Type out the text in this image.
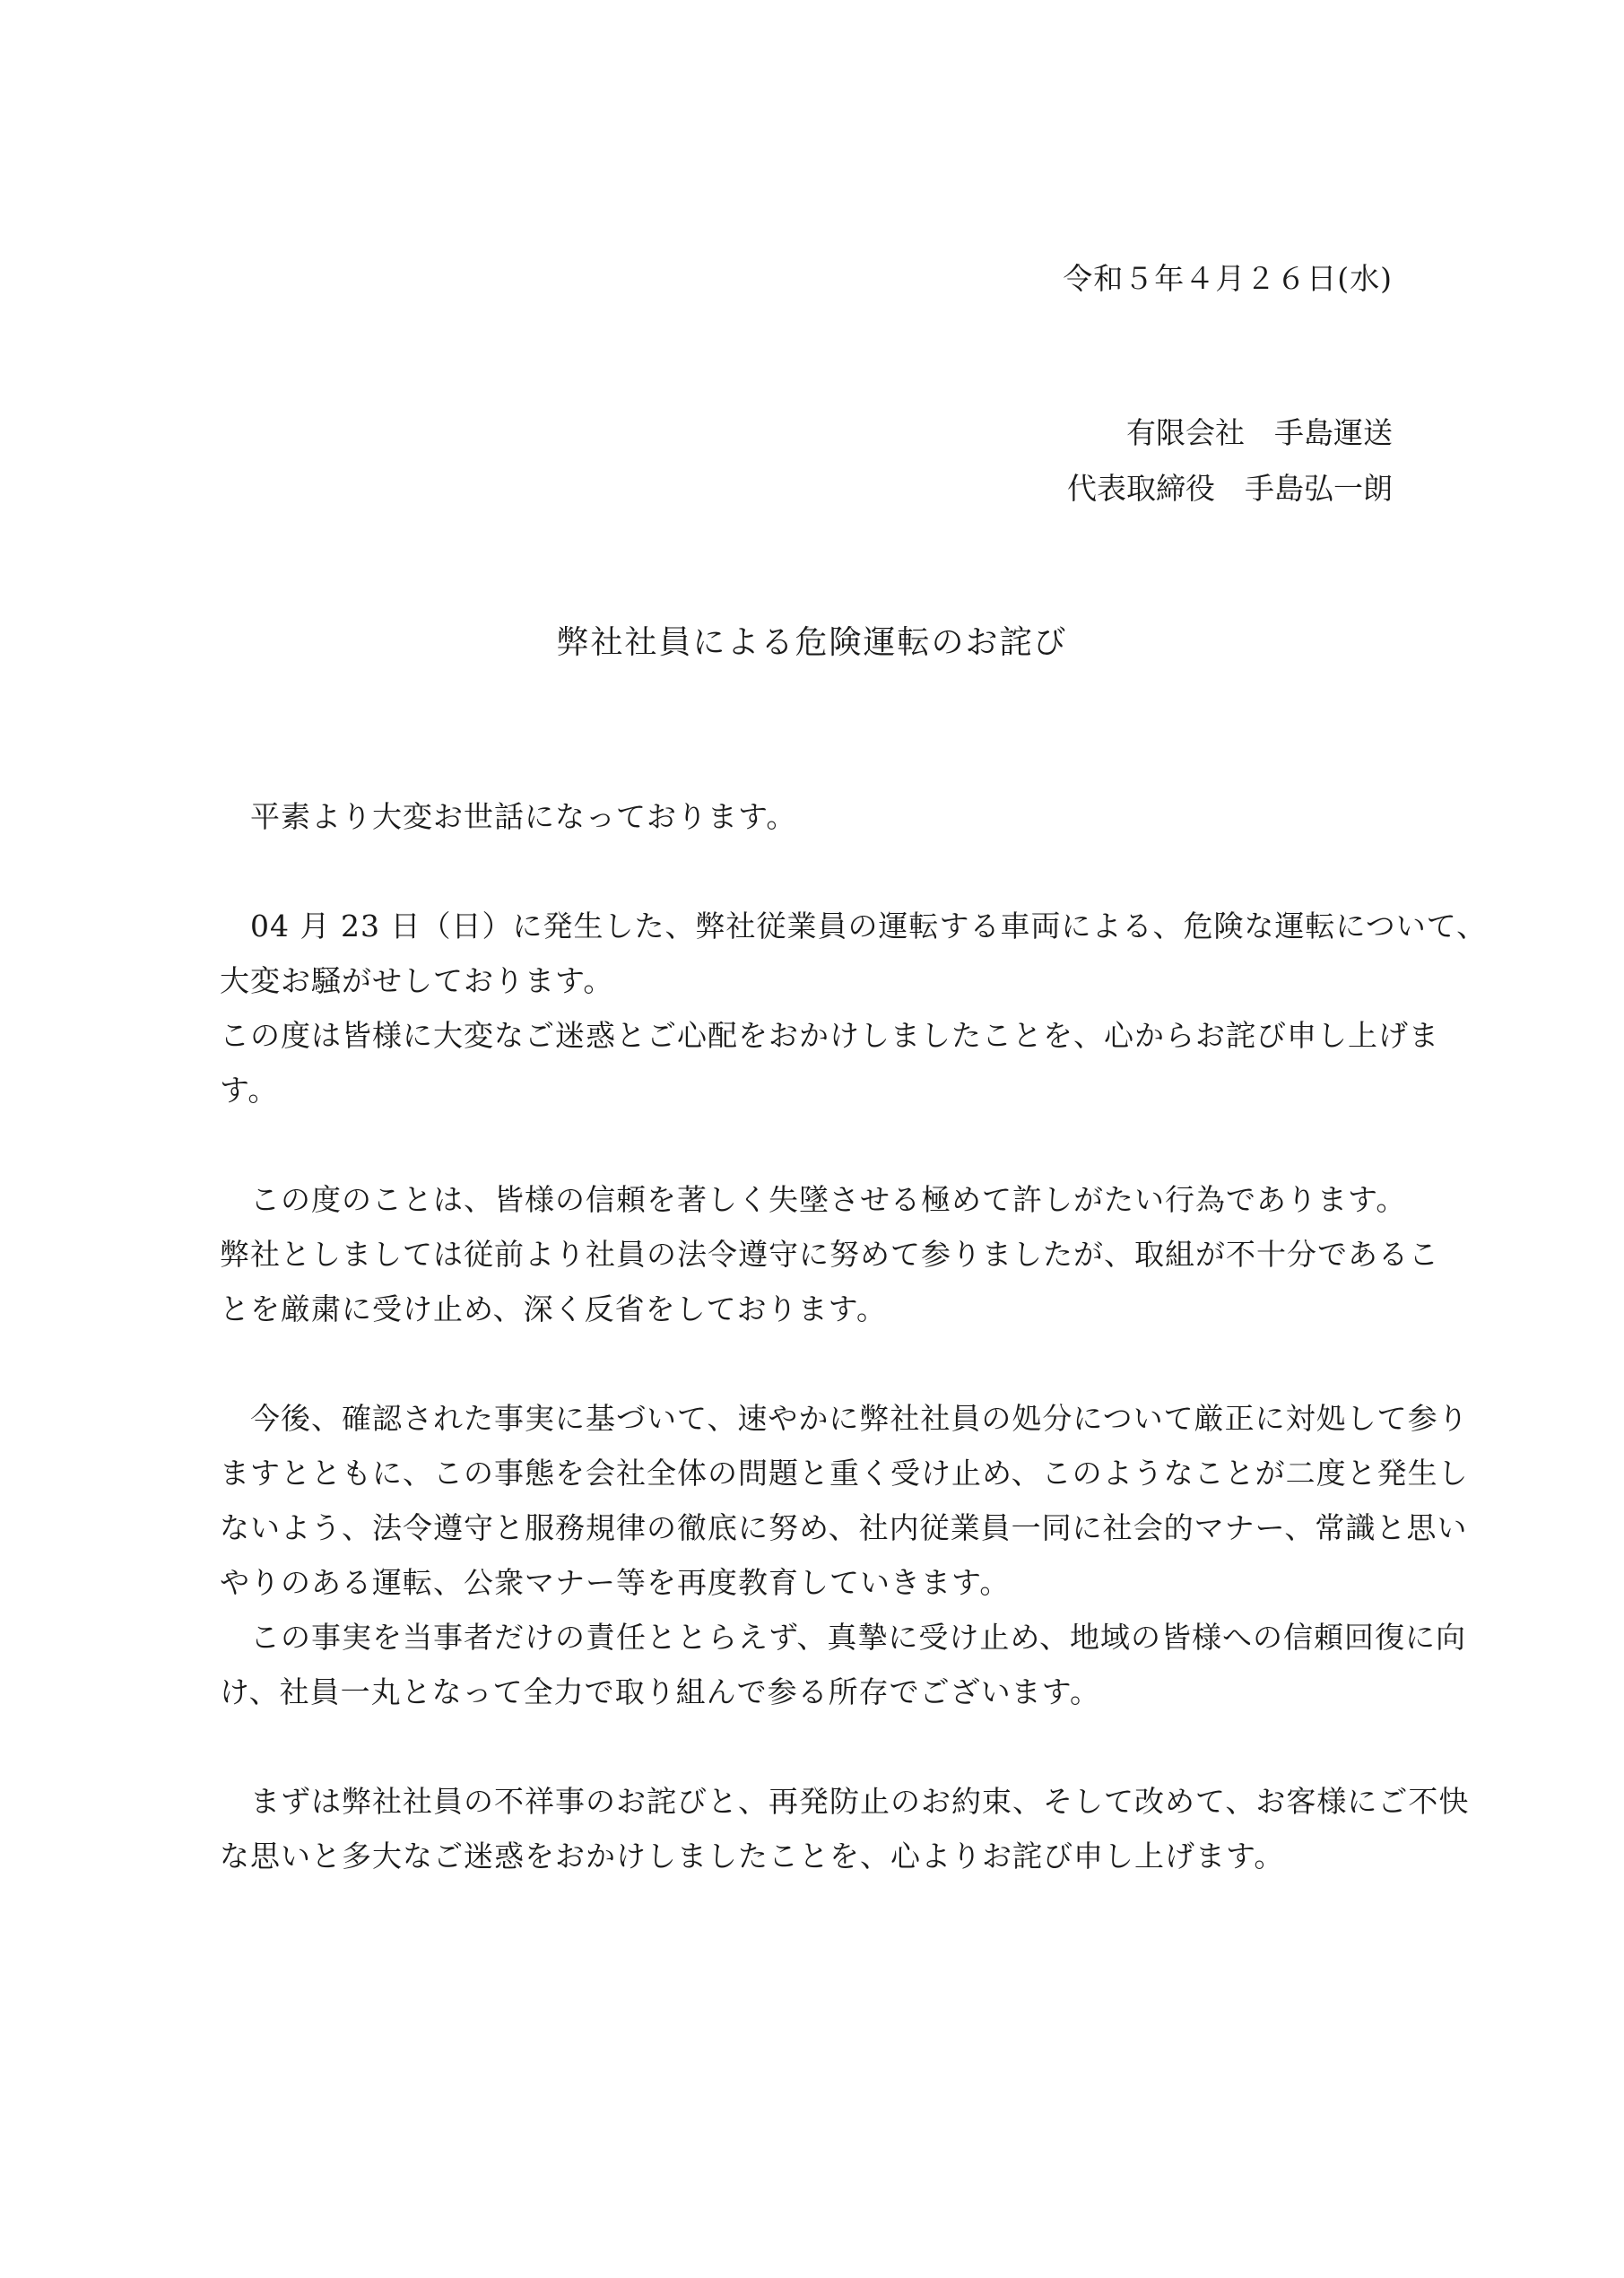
令和５年４月２６日(水)
有限会社　手島運送
代表取締役　手島弘一朗
弊社社員による危険運転のお詫び
　平素より大変お世話になっております。
　04 月 23 日（日）に発生した、弊社従業員の運転する車両による、危険な運転について、
大変お騒がせしております。
この度は皆様に大変なご迷惑とご心配をおかけしましたことを、心からお詫び申し上げま
す。
　この度のことは、皆様の信頼を著しく失墜させる極めて許しがたい行為であります。
弊社としましては従前より社員の法令遵守に努めて参りましたが、取組が不十分であるこ
とを厳粛に受け止め、深く反省をしております。
　今後、確認された事実に基づいて、速やかに弊社社員の処分について厳正に対処して参り
ますとともに、この事態を会社全体の問題と重く受け止め、このようなことが二度と発生し
ないよう、法令遵守と服務規律の徹底に努め、社内従業員一同に社会的マナー、常識と思い
やりのある運転、公衆マナー等を再度教育していきます。
　この事実を当事者だけの責任ととらえず、真摯に受け止め、地域の皆様への信頼回復に向
け、社員一丸となって全力で取り組んで参る所存でございます。
　まずは弊社社員の不祥事のお詫びと、再発防止のお約束、そして改めて、お客様にご不快
な思いと多大なご迷惑をおかけしましたことを、心よりお詫び申し上げます。
